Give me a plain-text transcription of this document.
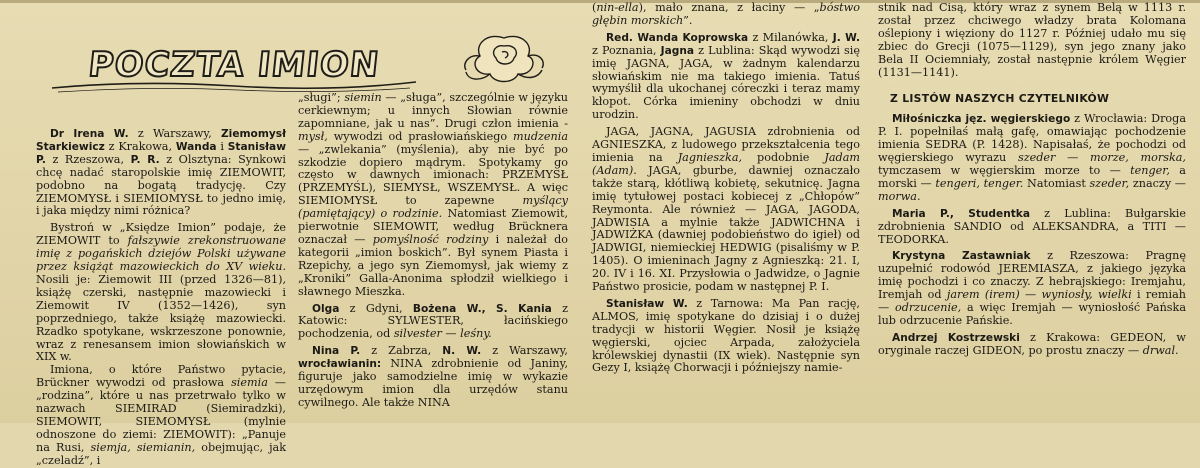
POCZTA IMION

Dr Irena W. z Warszawy, Ziemomysł Starkiewicz z Krakowa, Wanda i Stanisław P. z Rzeszowa, P. R. z Olsztyna: Synkowi chcę nadać staropolskie imię ZIEMOWIT, podobno na bogatą tradycję. Czy ZIEMOMYSŁ i SIEMIOMYSŁ to jedno imię, i jaka między nimi różnica?

Bystroń w „Księdze Imion” podaje, że ZIEMOWIT to fałszywie zrekonstruowane imię z pogańskich dziejów Polski używane przez książąt mazowieckich do XV wieku. Nosili je: Ziemowit III (przed 1326—81), książę czerski, następnie mazowiecki i Ziemowit IV (1352—1426), syn poprzedniego, także książę mazowiecki. Rzadko spotykane, wskrzeszone ponownie, wraz z renesansem imion słowiańskich w XIX w.

Imiona, o które Państwo pytacie, Brückner wywodzi od prasłowa siemia — „rodzina”, które u nas przetrwało tylko w nazwach SIEMIRAD (Siemiradzki), SIEMOWIT, SIEMOMYSŁ (mylnie odnoszone do ziemi: ZIEMOWIT): „Panuje na Rusi, siemja, siemianin, obejmując, jak „czeladź”, i

„sługi”; siemin — „sługa”, szczególnie w języku cerkiewnym; u innych Słowian równie zapomniane, jak u nas”. Drugi człon imienia -mysł, wywodzi od prasłowiańskiego mudzenia — „zwlekania” (myślenia), aby nie być po szkodzie dopiero mądrym. Spotykamy go często w dawnych imionach: PRZEMYSŁ (PRZEMYŚL), SIEMYSŁ, WSZEMYSŁ. A więc SIEMIOMYSŁ to zapewne myślący (pamiętający) o rodzinie. Natomiast Ziemowit, pierwotnie SIEMOWIT, według Brücknera oznaczał — pomyślność rodziny i należał do kategorii „imion boskich”. Był synem Piasta i Rzepichy, a jego syn Ziemomysł, jak wiemy z „Kroniki” Galla-Anonima spłodził wielkiego i sławnego Mieszka.

Olga z Gdyni, Bożena W., S. Kania z Katowic: SYLWESTER, łacińskiego pochodzenia, od silvester — leśny.

Nina P. z Zabrza, N. W. z Warszawy, wrocławianin: NINA zdrobnienie od Janiny, figuruje jako samodzielne imię w wykazie urzędowym imion dla urzędów stanu cywilnego. Ale także NINA

(nin-ella), mało znana, z łaciny — „bóstwo głębin morskich”.

Red. Wanda Koprowska z Milanówka, J. W. z Poznania, Jagna z Lublina: Skąd wywodzi się imię JAGNA, JAGA, w żadnym kalendarzu słowiańskim nie ma takiego imienia. Tatuś wymyślił dla ukochanej córeczki i teraz mamy kłopot. Córka imieniny obchodzi w dniu urodzin.

JAGA, JAGNA, JAGUSIA zdrobnienia od AGNIESZKA, z ludowego przekształcenia tego imienia na Jagnieszka, podobnie Jadam (Adam). JAGA, gburbe, dawniej oznaczało także starą, kłótliwą kobietę, sekutnicę. Jagna imię tytułowej postaci kobiecej z „Chłopów” Reymonta. Ale również — JAGA, JAGODA, JADWISIA a mylnie także JADWICHNA i JADWIŻKA (dawniej podobieństwo do igieł) od JADWIGI, niemieckiej HEDWIG (pisaliśmy w P. 1405). O imieninach Jagny z Agnieszką: 21. I, 20. IV i 16. XI. Przysłowia o Jadwidze, o Jagnie Państwo prosicie, podam w następnej P. I.

Stanisław W. z Tarnowa: Ma Pan rację, ALMOS, imię spotykane do dzisiaj i o dużej tradycji w historii Węgier. Nosił je książę węgierski, ojciec Arpada, założyciela królewskiej dynastii (IX wiek). Następnie syn Gezy I, książę Chorwacji i późniejszy namie-

stnik nad Cisą, który wraz z synem Belą w 1113 r. został przez chciwego władzy brata Kolomana oślepiony i więziony do 1127 r. Później udało mu się zbiec do Grecji (1075—1129), syn jego znany jako Bela II Ociemniały, został następnie królem Węgier (1131—1141).

Z LISTÓW NASZYCH CZYTELNIKÓW

Miłośniczka jęz. węgierskiego z Wrocławia: Droga P. I. popełniłaś małą gafę, omawiając pochodzenie imienia SEDRA (P. 1428). Napisałaś, że pochodzi od węgierskiego wyrazu szeder — morze, morska, tymczasem w węgierskim morze to — tenger, a morski — tengeri, tenger. Natomiast szeder, znaczy — morwa.

Maria P., Studentka z Lublina: Bułgarskie zdrobnienia SANDIO od ALEKSANDRA, a TITI — TEODORKA.

Krystyna Zastawniak z Rzeszowa: Pragnę uzupełnić rodowód JEREMIASZA, z jakiego języka imię pochodzi i co znaczy. Z hebrajskiego: Iremjahu, Iremjah od jarem (irem) — wyniosły, wielki i remiah — odrzucenie, a więc Iremjah — wyniosłość Pańska lub odrzucenie Pańskie.

Andrzej Kostrzewski z Krakowa: GEDEON, w oryginale raczej GIDEON, po prostu znaczy — drwal.
